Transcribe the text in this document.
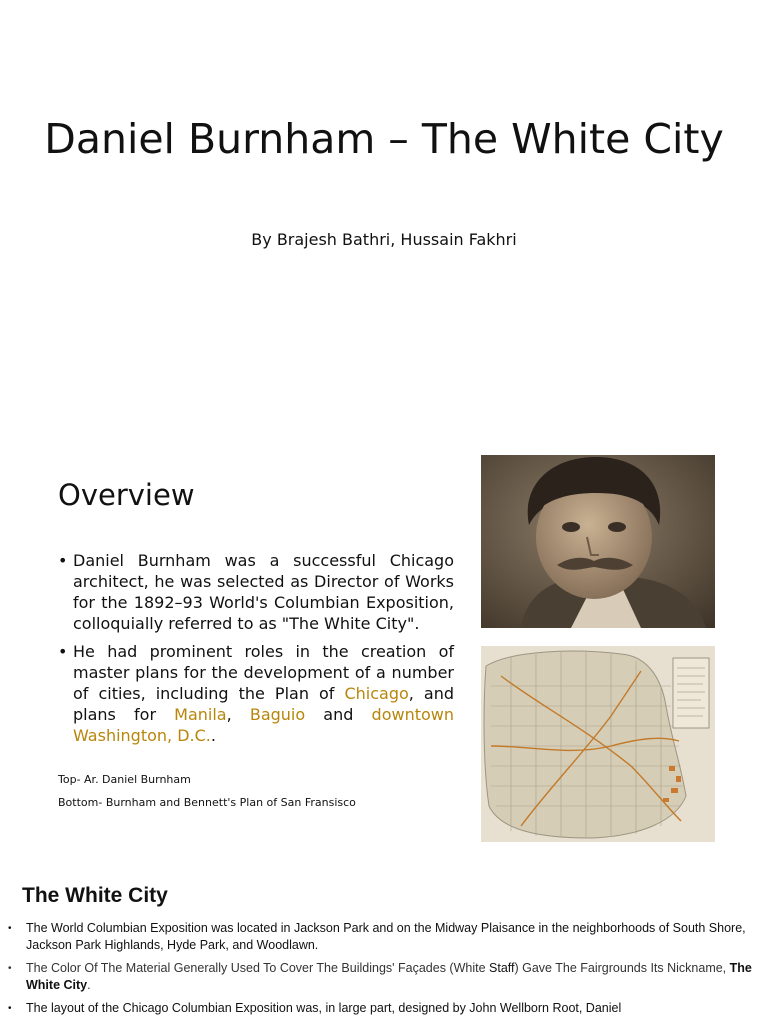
Daniel Burnham – The White City
By Brajesh Bathri, Hussain Fakhri
Overview
• Daniel Burnham was a successful Chicago architect, he was selected as Director of Works for the 1892–93 World's Columbian Exposition, colloquially referred to as "The White City".
• He had prominent roles in the creation of master plans for the development of a number of cities, including the Plan of Chicago, and plans for Manila, Baguio and downtown Washington, D.C..
Top- Ar. Daniel Burnham
Bottom- Burnham and Bennett's Plan of San Fransisco
The White City
• The World Columbian Exposition was located in Jackson Park and on the Midway Plaisance in the neighborhoods of South Shore, Jackson Park Highlands, Hyde Park, and Woodlawn.
• The Color Of The Material Generally Used To Cover The Buildings' Façades (White Staff) Gave The Fairgrounds Its Nickname, The White City.
• The layout of the Chicago Columbian Exposition was, in large part, designed by John Wellborn Root, Daniel
